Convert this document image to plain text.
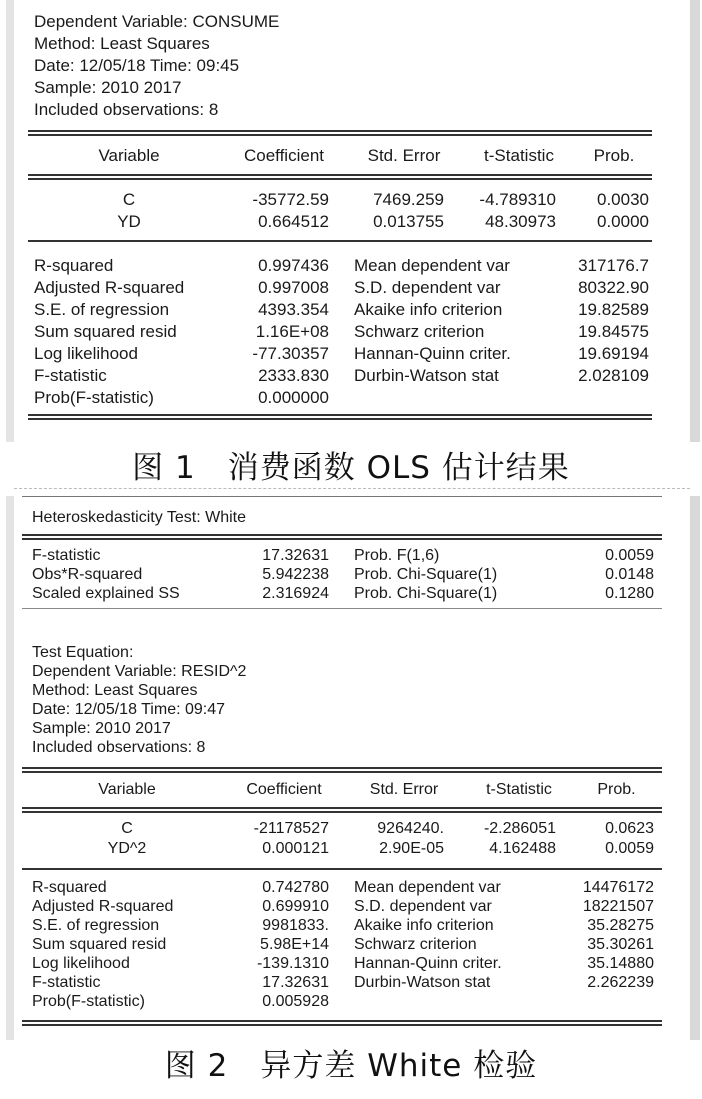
Dependent Variable: CONSUME
Method: Least Squares
Date: 12/05/18 Time: 09:45
Sample: 2010 2017
Included observations: 8
Variable	Coefficient	Std. Error	t-Statistic	Prob.
C	-35772.59	7469.259	-4.789310	0.0030
YD	0.664512	0.013755	48.30973	0.0000
R-squared	0.997436 Mean dependent var	317176.7
Adjusted R-squared	0.997008 S.D. dependent var	80322.90
S.E. of regression	4393.354 Akaike info criterion	19.82589
Sum squared resid	1.16E+08 Schwarz criterion	19.84575
Log likelihood	-77.30357 Hannan-Quinn criter.	19.69194
F-statistic	2333.830 Durbin-Watson stat	2.028109
Prob(F-statistic)	0.000000
图 1　消费函数 OLS 估计结果
Heteroskedasticity Test: White
F-statistic	17.32631 Prob. F(1,6)	0.0059
Obs*R-squared	5.942238 Prob. Chi-Square(1)	0.0148
Scaled explained SS	2.316924 Prob. Chi-Square(1)	0.1280
Test Equation:
Dependent Variable: RESID^2
Method: Least Squares
Date: 12/05/18 Time: 09:47
Sample: 2010 2017
Included observations: 8
Variable	Coefficient	Std. Error	t-Statistic	Prob.
C	-21178527	9264240.	-2.286051	0.0623
YD^2	0.000121	2.90E-05	4.162488	0.0059
R-squared	0.742780 Mean dependent var	14476172
Adjusted R-squared	0.699910 S.D. dependent var	18221507
S.E. of regression	9981833. Akaike info criterion	35.28275
Sum squared resid	5.98E+14 Schwarz criterion	35.30261
Log likelihood	-139.1310 Hannan-Quinn criter.	35.14880
F-statistic	17.32631 Durbin-Watson stat	2.262239
Prob(F-statistic)	0.005928
图 2　异方差 White 检验
